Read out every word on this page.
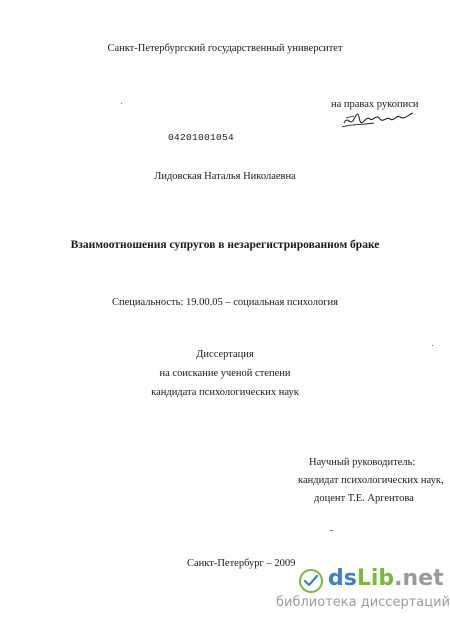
Санкт-Петербургский государственный университет
на правах рукописи
04201001054
Лидовская Наталья Николаевна
Взаимоотношения супругов в незарегистрированном браке
Специальность: 19.00.05 – социальная психология
Диссертация
на соискание ученой степени
кандидата психологических наук
Научный руководитель:
кандидат психологических наук,
доцент Т.Е. Аргентова
Санкт-Петербург – 2009
dsLib.net
библиотека диссертаций
